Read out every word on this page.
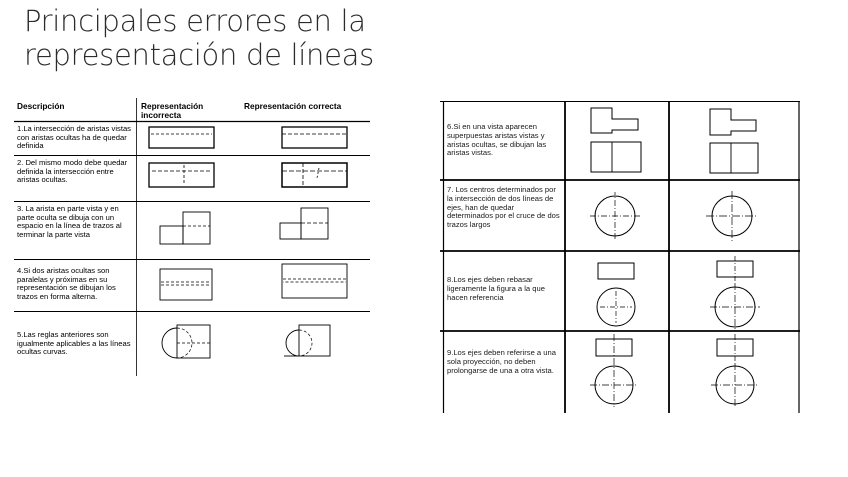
Principales errores en la representación de líneas
Descripción	Representación incorrecta
Representación correcta
1.La intersección de aristas vistas con aristas ocultas ha de quedar definida
2. Del mismo modo debe quedar definida la intersección entre aristas ocultas.
3. La arista en parte vista y en parte oculta se dibuja con un espacio en la línea de trazos al terminar la parte vista
4.Si dos aristas ocultas son paralelas y próximas en su representación se dibujan los trazos en forma alterna.
5.Las reglas anteriores son igualmente aplicables a las líneas ocultas curvas.
6.Si en una vista aparecen superpuestas aristas vistas y aristas ocultas, se dibujan las aristas vistas.
7. Los centros determinados por la intersección de dos líneas de ejes, han de quedar determinados por el cruce de dos trazos largos
8.Los ejes deben rebasar ligeramente la figura a la que hacen referencia
9.Los ejes deben referirse a una sola proyección, no deben prolongarse de una a otra vista.
